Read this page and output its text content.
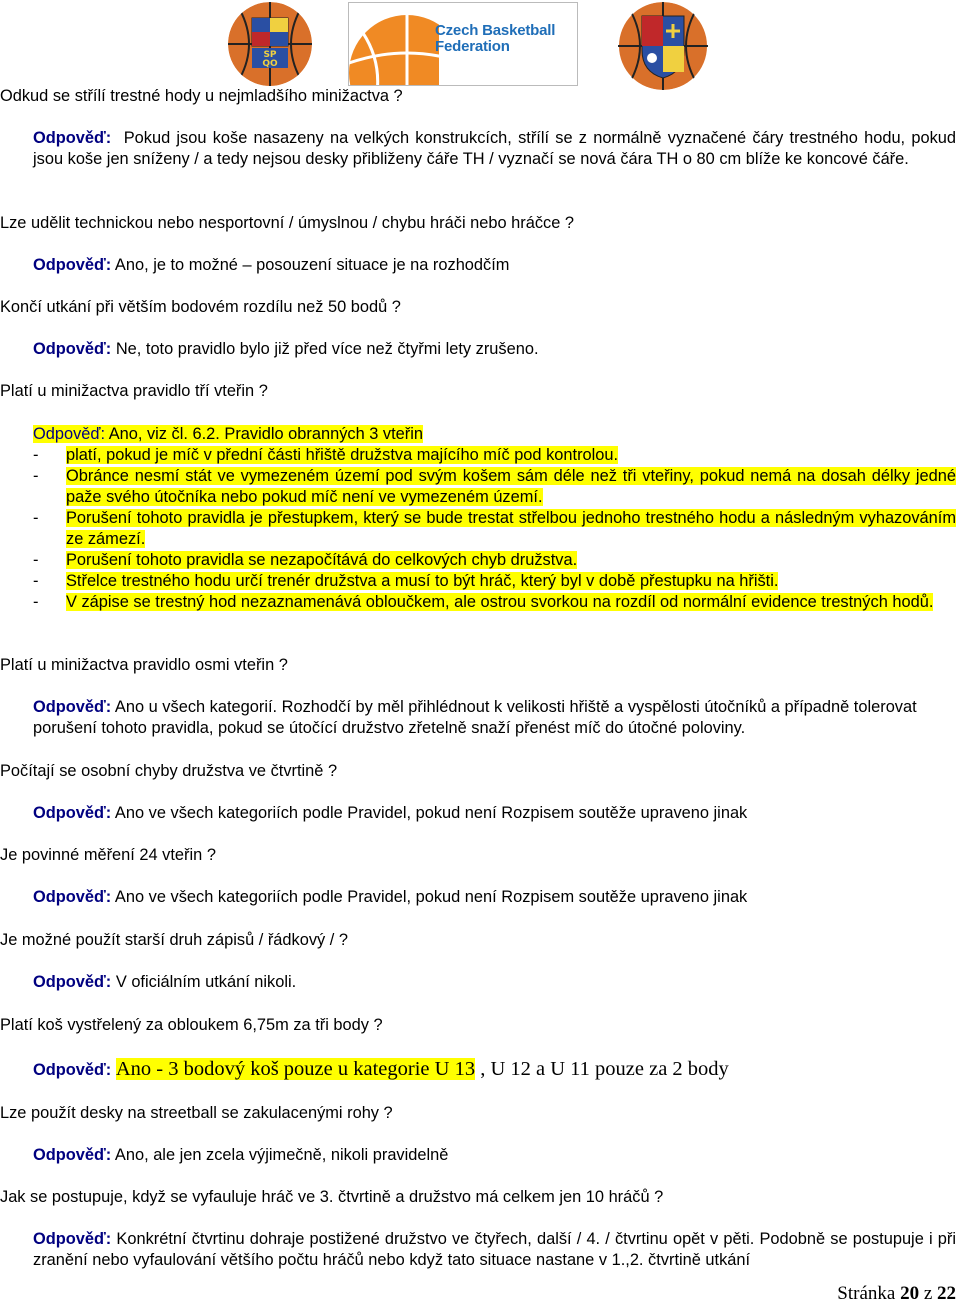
SP
QO
Czech Basketball
Federation
Odkud se střílí trestné hody u nejmladšího minižactva ?
Odpověď: Pokud jsou koše nasazeny na velkých konstrukcích, střílí se z normálně vyznačené čáry trestného hodu, pokud jsou koše jen sníženy / a tedy nejsou desky přibliženy čáře TH / vyznačí se nová čára TH o 80 cm blíže ke koncové čáře.
Lze udělit technickou nebo nesportovní / úmyslnou / chybu hráči nebo hráčce ?
Odpověď: Ano, je to možné – posouzení situace je na rozhodčím
Končí utkání při větším bodovém rozdílu než 50 bodů ?
Odpověď: Ne, toto pravidlo bylo již před více než čtyřmi lety zrušeno.
Platí u minižactva pravidlo tří vteřin ?
Odpověď: Ano, viz čl. 6.2. Pravidlo obranných 3 vteřin
- platí, pokud je míč v přední části hřiště družstva majícího míč pod kontrolou.
- Obránce nesmí stát ve vymezeném území pod svým košem sám déle než tři vteřiny, pokud nemá na dosah délky jedné paže svého útočníka nebo pokud míč není ve vymezeném území.
- Porušení tohoto pravidla je přestupkem, který se bude trestat střelbou jednoho trestného hodu a následným vyhazováním ze zámezí.
- Porušení tohoto pravidla se nezapočítává do celkových chyb družstva.
- Střelce trestného hodu určí trenér družstva a musí to být hráč, který byl v době přestupku na hřišti.
- V zápise se trestný hod nezaznamenává obloučkem, ale ostrou svorkou na rozdíl od normální evidence trestných hodů.
Platí u minižactva pravidlo osmi vteřin ?
Odpověď: Ano u všech kategorií. Rozhodčí by měl přihlédnout k velikosti hřiště a vyspělosti útočníků a případně tolerovat porušení tohoto pravidla, pokud se útočící družstvo zřetelně snaží přenést míč do útočné poloviny.
Počítají se osobní chyby družstva ve čtvrtině ?
Odpověď: Ano ve všech kategoriích podle Pravidel, pokud není Rozpisem soutěže upraveno jinak
Je povinné měření 24 vteřin ?
Odpověď: Ano ve všech kategoriích podle Pravidel, pokud není Rozpisem soutěže upraveno jinak
Je možné použít starší druh zápisů / řádkový / ?
Odpověď: V oficiálním utkání nikoli.
Platí koš vystřelený za obloukem 6,75m za tři body ?
Odpověď: Ano - 3 bodový koš pouze u kategorie U 13 , U 12 a U 11 pouze za 2 body
Lze použít desky na streetball se zakulacenými rohy ?
Odpověď: Ano, ale jen zcela výjimečně, nikoli pravidelně
Jak se postupuje, když se vyfauluje hráč ve 3. čtvrtině a družstvo má celkem jen 10 hráčů ?
Odpověď: Konkrétní čtvrtinu dohraje postižené družstvo ve čtyřech, další / 4. / čtvrtinu opět v pěti. Podobně se postupuje i při zranění nebo vyfaulování většího počtu hráčů nebo když tato situace nastane v 1.,2. čtvrtině utkání
Stránka 20 z 22
